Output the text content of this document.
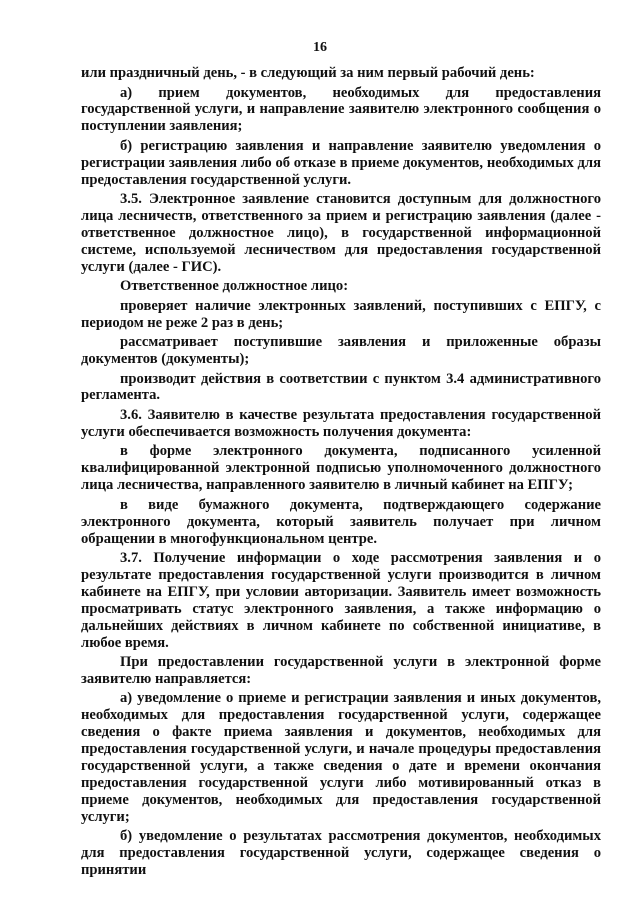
16

или праздничный день, - в следующий за ним первый рабочий день:

а) прием документов, необходимых для предоставления государственной услуги, и направление заявителю электронного сообщения о поступлении заявления;

б) регистрацию заявления и направление заявителю уведомления о регистрации заявления либо об отказе в приеме документов, необходимых для предоставления государственной услуги.

3.5. Электронное заявление становится доступным для должностного лица лесничеств, ответственного за прием и регистрацию заявления (далее - ответственное должностное лицо), в государственной информационной системе, используемой лесничеством для предоставления государственной услуги (далее - ГИС).

Ответственное должностное лицо:

проверяет наличие электронных заявлений, поступивших с ЕПГУ, с периодом не реже 2 раз в день;

рассматривает поступившие заявления и приложенные образы документов (документы);

производит действия в соответствии с пунктом 3.4 административного регламента.

3.6. Заявителю в качестве результата предоставления государственной услуги обеспечивается возможность получения документа:

в форме электронного документа, подписанного усиленной квалифицированной электронной подписью уполномоченного должностного лица лесничества, направленного заявителю в личный кабинет на ЕПГУ;

в виде бумажного документа, подтверждающего содержание электронного документа, который заявитель получает при личном обращении в многофункциональном центре.

3.7. Получение информации о ходе рассмотрения заявления и о результате предоставления государственной услуги производится в личном кабинете на ЕПГУ, при условии авторизации. Заявитель имеет возможность просматривать статус электронного заявления, а также информацию о дальнейших действиях в личном кабинете по собственной инициативе, в любое время.

При предоставлении государственной услуги в электронной форме заявителю направляется:

а) уведомление о приеме и регистрации заявления и иных документов, необходимых для предоставления государственной услуги, содержащее сведения о факте приема заявления и документов, необходимых для предоставления государственной услуги, и начале процедуры предоставления государственной услуги, а также сведения о дате и времени окончания предоставления государственной услуги либо мотивированный отказ в приеме документов, необходимых для предоставления государственной услуги;

б) уведомление о результатах рассмотрения документов, необходимых для предоставления государственной услуги, содержащее сведения о принятии
